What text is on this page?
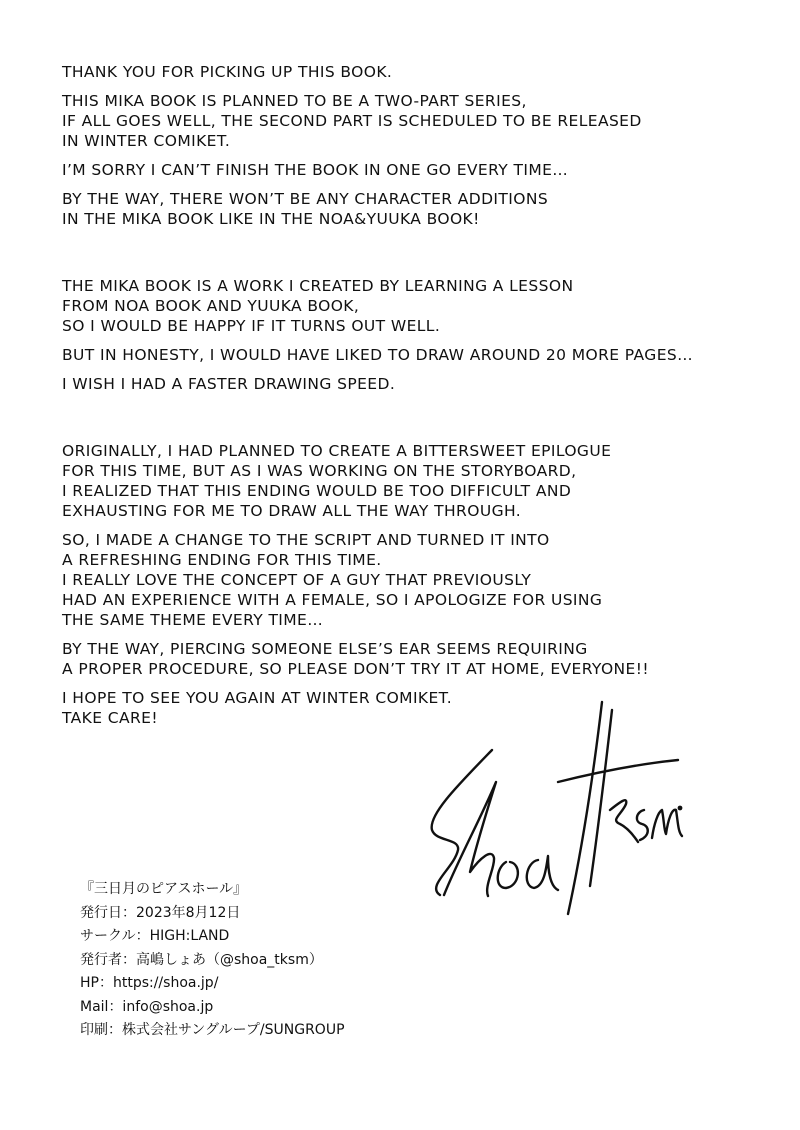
THANK YOU FOR PICKING UP THIS BOOK.
THIS MIKA BOOK IS PLANNED TO BE A TWO-PART SERIES,
IF ALL GOES WELL, THE SECOND PART IS SCHEDULED TO BE RELEASED
IN WINTER COMIKET.
I’M SORRY I CAN’T FINISH THE BOOK IN ONE GO EVERY TIME…
BY THE WAY, THERE WON’T BE ANY CHARACTER ADDITIONS
IN THE MIKA BOOK LIKE IN THE NOA&YUUKA BOOK!
THE MIKA BOOK IS A WORK I CREATED BY LEARNING A LESSON
FROM NOA BOOK AND YUUKA BOOK,
SO I WOULD BE HAPPY IF IT TURNS OUT WELL.
BUT IN HONESTY, I WOULD HAVE LIKED TO DRAW AROUND 20 MORE PAGES…
I WISH I HAD A FASTER DRAWING SPEED.
ORIGINALLY, I HAD PLANNED TO CREATE A BITTERSWEET EPILOGUE
FOR THIS TIME, BUT AS I WAS WORKING ON THE STORYBOARD,
I REALIZED THAT THIS ENDING WOULD BE TOO DIFFICULT AND
EXHAUSTING FOR ME TO DRAW ALL THE WAY THROUGH.
SO, I MADE A CHANGE TO THE SCRIPT AND TURNED IT INTO
A REFRESHING ENDING FOR THIS TIME.
I REALLY LOVE THE CONCEPT OF A GUY THAT PREVIOUSLY
HAD AN EXPERIENCE WITH A FEMALE, SO I APOLOGIZE FOR USING
THE SAME THEME EVERY TIME…
BY THE WAY, PIERCING SOMEONE ELSE’S EAR SEEMS REQUIRING
A PROPER PROCEDURE, SO PLEASE DON’T TRY IT AT HOME, EVERYONE!!
I HOPE TO SEE YOU AGAIN AT WINTER COMIKET.
TAKE CARE!
『三日月のピアスホール』
発行日：2023年8月12日
サークル：HIGH:LAND
発行者：高嶋しょあ（@shoa_tksm）
HP：https://shoa.jp/
Mail：info@shoa.jp
印刷：株式会社サングループ/SUNGROUP
